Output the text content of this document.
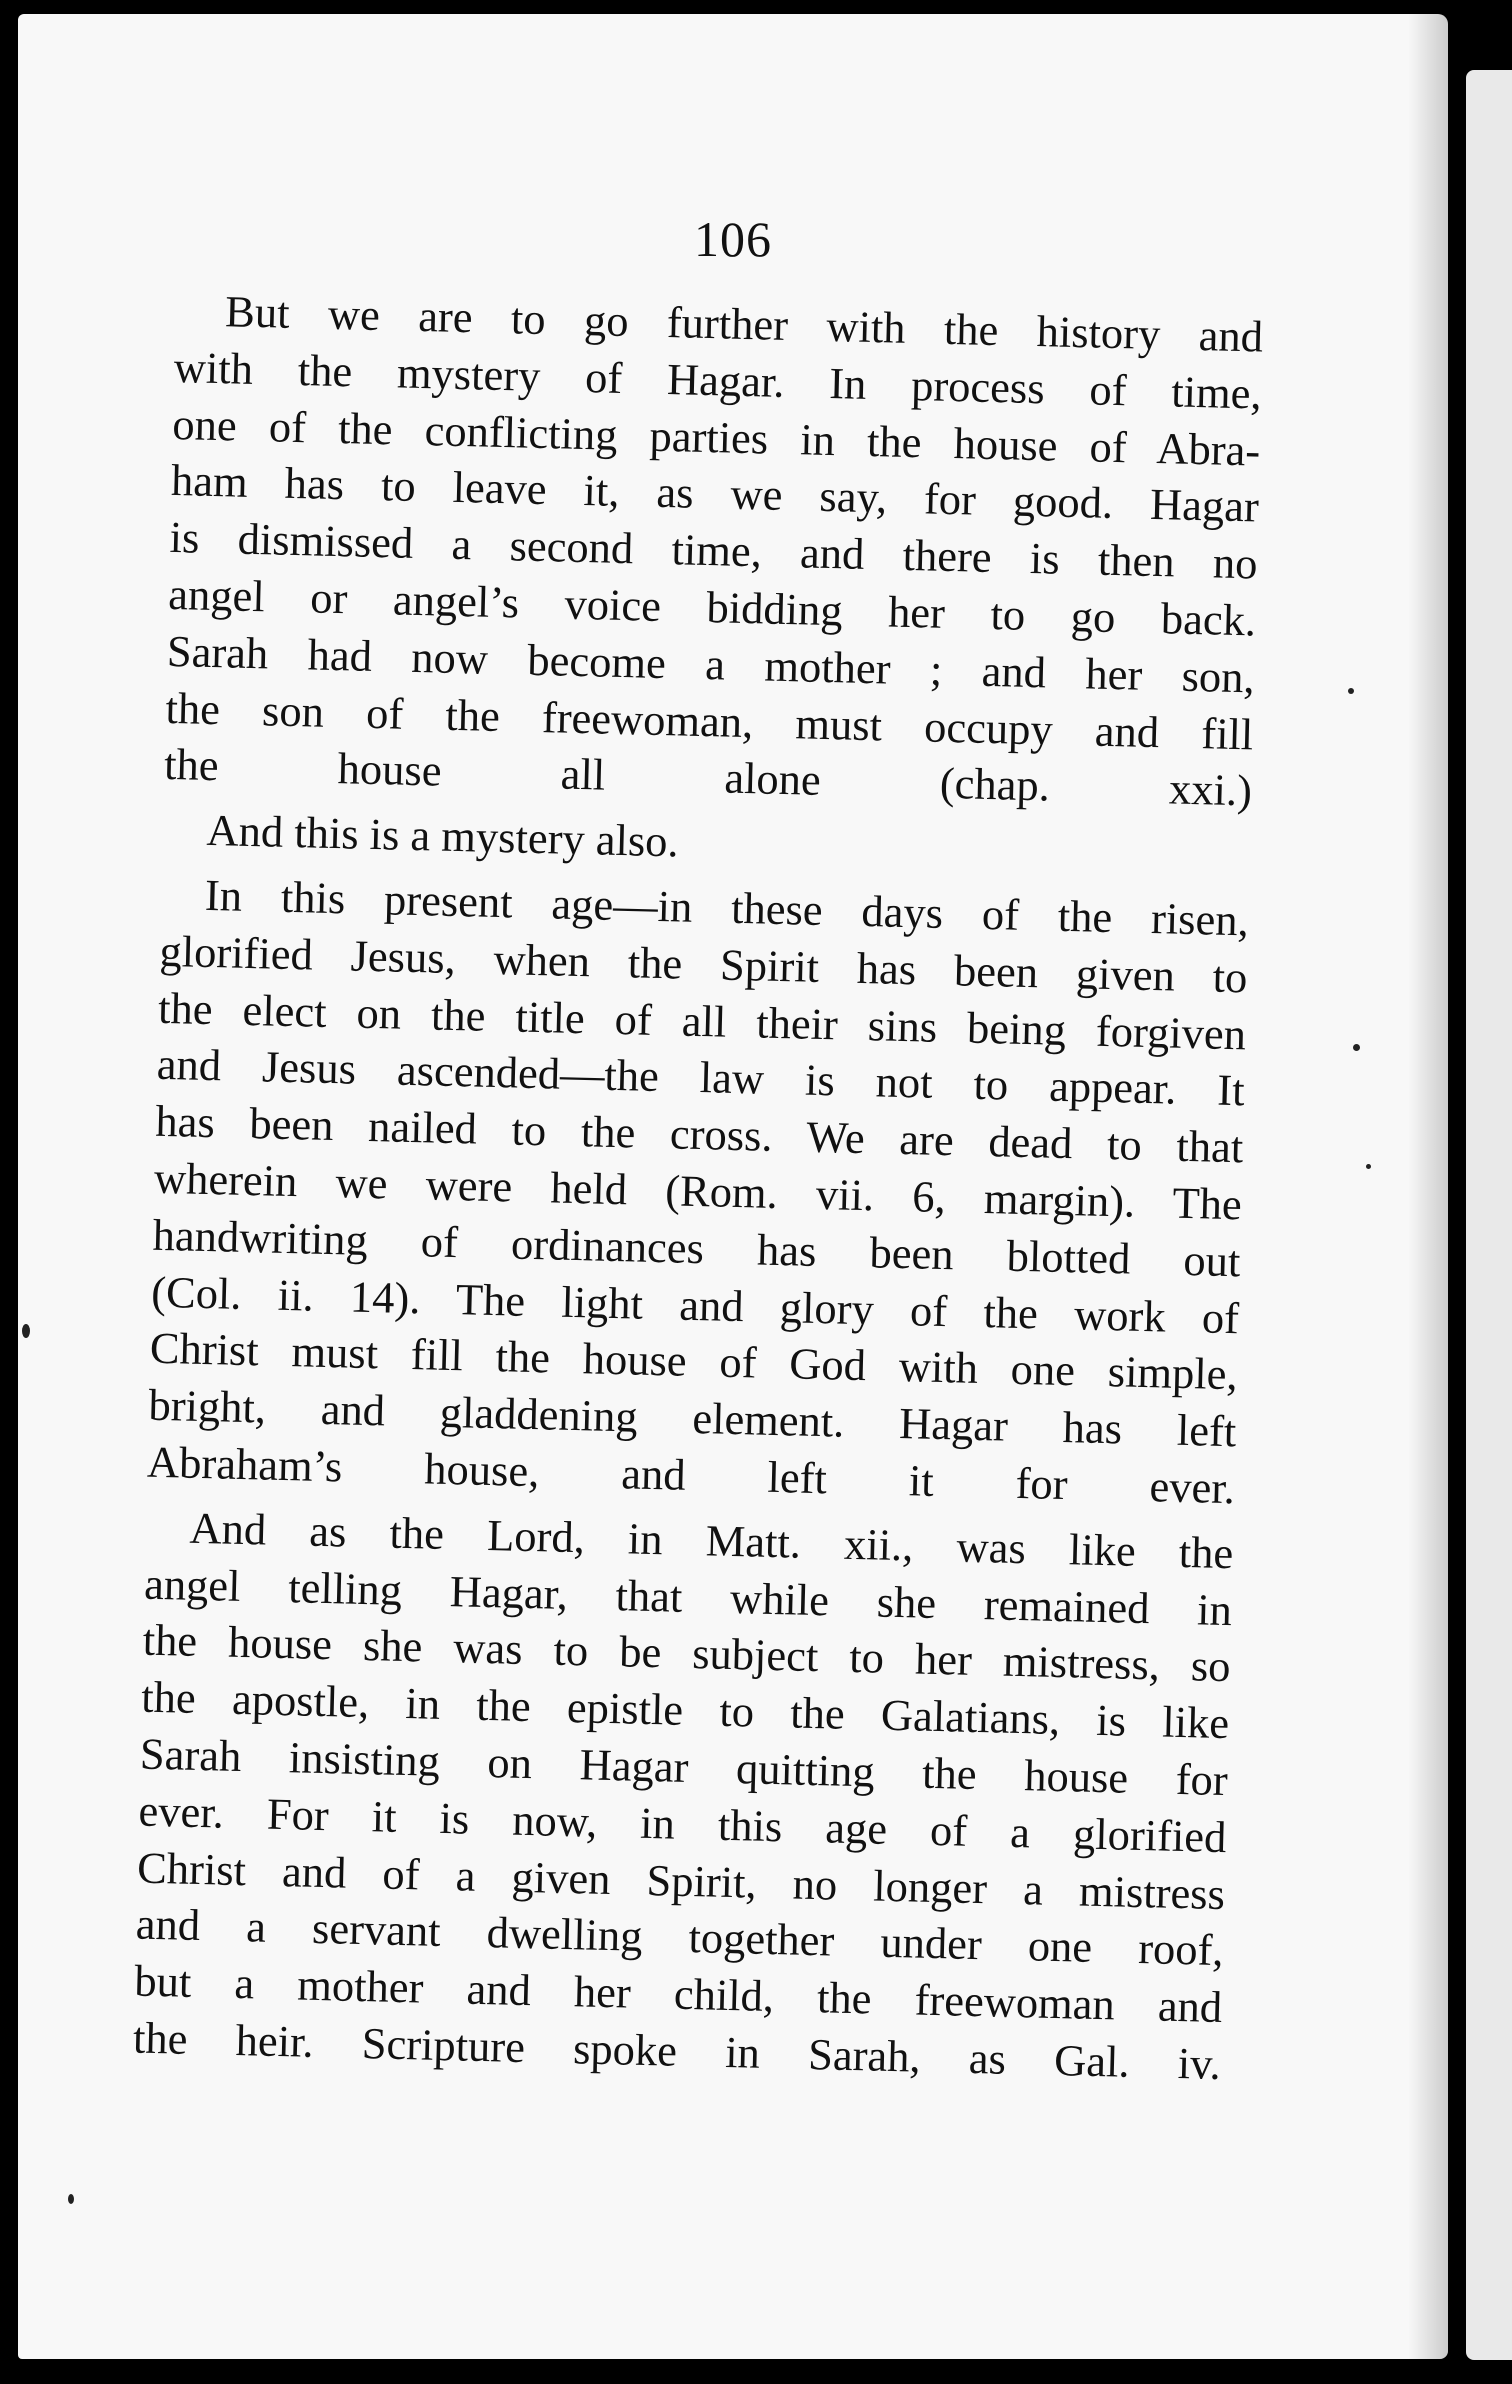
106

But we are to go further with the history and
with the mystery of Hagar. In process of time,
one of the conflicting parties in the house of Abra-
ham has to leave it, as we say, for good. Hagar
is dismissed a second time, and there is then no
angel or angel’s voice bidding her to go back.
Sarah had now become a mother ; and her son,
the son of the freewoman, must occupy and fill
the house all alone (chap. xxi.)

And this is a mystery also.

In this present age—in these days of the risen,
glorified Jesus, when the Spirit has been given to
the elect on the title of all their sins being forgiven
and Jesus ascended—the law is not to appear. It
has been nailed to the cross. We are dead to that
wherein we were held (Rom. vii. 6, margin). The
handwriting of ordinances has been blotted out
(Col. ii. 14). The light and glory of the work of
Christ must fill the house of God with one simple,
bright, and gladdening element. Hagar has left
Abraham’s house, and left it for ever.

And as the Lord, in Matt. xii., was like the
angel telling Hagar, that while she remained in
the house she was to be subject to her mistress, so
the apostle, in the epistle to the Galatians, is like
Sarah insisting on Hagar quitting the house for
ever. For it is now, in this age of a glorified
Christ and of a given Spirit, no longer a mistress
and a servant dwelling together under one roof,
but a mother and her child, the freewoman and
the heir. Scripture spoke in Sarah, as Gal. iv.
